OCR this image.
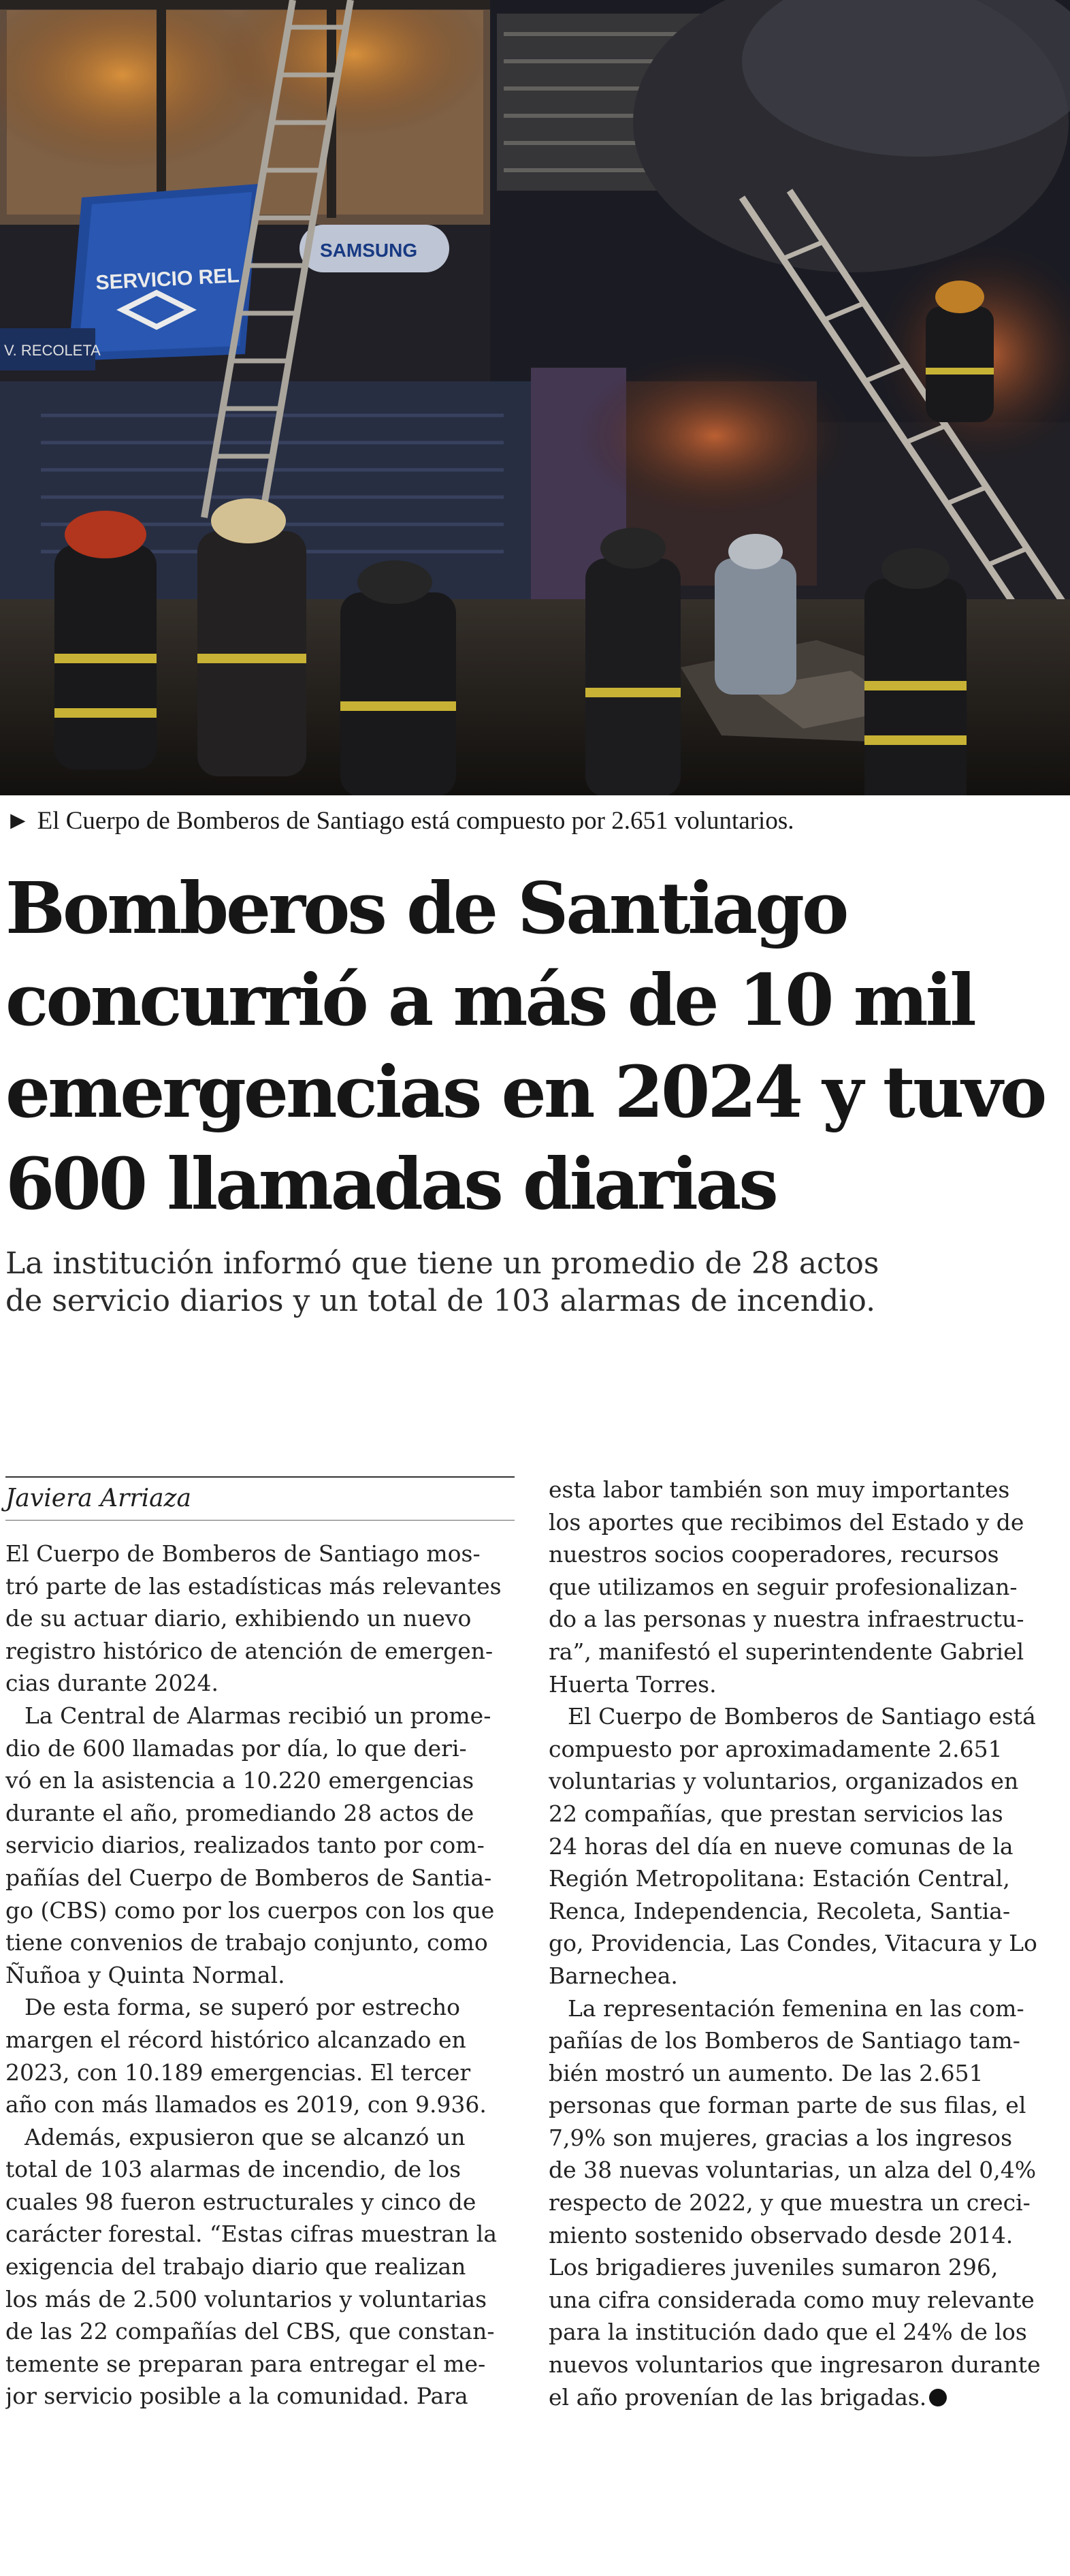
SERVICIO REL
SAMSUNG
V. RECOLETA
► El Cuerpo de Bomberos de Santiago está compuesto por 2.651 voluntarios.
Bomberos de Santiago
concurrió a más de 10 mil
emergencias en 2024 y tuvo
600 llamadas diarias

La institución informó que tiene un promedio de 28 actos
de servicio diarios y un total de 103 alarmas de incendio.

Javiera Arriaza
El Cuerpo de Bomberos de Santiago mos-
tró parte de las estadísticas más relevantes
de su actuar diario, exhibiendo un nuevo
registro histórico de atención de emergen-
cias durante 2024.
La Central de Alarmas recibió un prome-
dio de 600 llamadas por día, lo que deri-
vó en la asistencia a 10.220 emergencias
durante el año, promediando 28 actos de
servicio diarios, realizados tanto por com-
pañías del Cuerpo de Bomberos de Santia-
go (CBS) como por los cuerpos con los que
tiene convenios de trabajo conjunto, como
Ñuñoa y Quinta Normal.
De esta forma, se superó por estrecho
margen el récord histórico alcanzado en
2023, con 10.189 emergencias. El tercer
año con más llamados es 2019, con 9.936.
Además, expusieron que se alcanzó un
total de 103 alarmas de incendio, de los
cuales 98 fueron estructurales y cinco de
carácter forestal. “Estas cifras muestran la
exigencia del trabajo diario que realizan
los más de 2.500 voluntarios y voluntarias
de las 22 compañías del CBS, que constan-
temente se preparan para entregar el me-
jor servicio posible a la comunidad. Para
esta labor también son muy importantes
los aportes que recibimos del Estado y de
nuestros socios cooperadores, recursos
que utilizamos en seguir profesionalizan-
do a las personas y nuestra infraestructu-
ra”, manifestó el superintendente Gabriel
Huerta Torres.
El Cuerpo de Bomberos de Santiago está
compuesto por aproximadamente 2.651
voluntarias y voluntarios, organizados en
22 compañías, que prestan servicios las
24 horas del día en nueve comunas de la
Región Metropolitana: Estación Central,
Renca, Independencia, Recoleta, Santia-
go, Providencia, Las Condes, Vitacura y Lo
Barnechea.
La representación femenina en las com-
pañías de los Bomberos de Santiago tam-
bién mostró un aumento. De las 2.651
personas que forman parte de sus filas, el
7,9% son mujeres, gracias a los ingresos
de 38 nuevas voluntarias, un alza del 0,4%
respecto de 2022, y que muestra un creci-
miento sostenido observado desde 2014.
Los brigadieres juveniles sumaron 296,
una cifra considerada como muy relevante
para la institución dado que el 24% de los
nuevos voluntarios que ingresaron durante
el año provenían de las brigadas.
